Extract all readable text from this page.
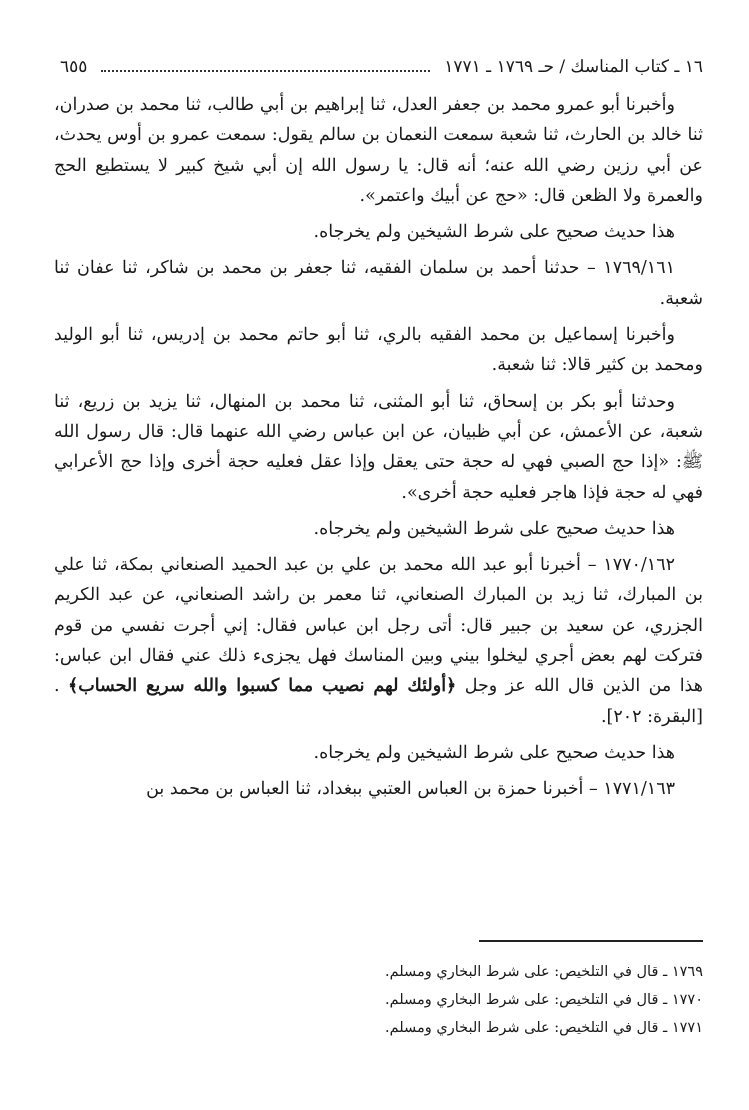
١٦ ـ كتاب المناسك / حـ ١٧٦٩ ـ ١٧٧١
٦٥٥

وأخبرنا أبو عمرو محمد بن جعفر العدل، ثنا إبراهيم بن أبي طالب، ثنا محمد بن صدران، ثنا خالد بن الحارث، ثنا شعبة سمعت النعمان بن سالم يقول: سمعت عمرو بن أوس يحدث، عن أبي رزين رضي الله عنه؛ أنه قال: يا رسول الله إن أبي شيخ كبير لا يستطيع الحج والعمرة ولا الظعن قال: «حج عن أبيك واعتمر».

هذا حديث صحيح على شرط الشيخين ولم يخرجاه.

١٧٦٩/١٦١ – حدثنا أحمد بن سلمان الفقيه، ثنا جعفر بن محمد بن شاكر، ثنا عفان ثنا شعبة.

وأخبرنا إسماعيل بن محمد الفقيه بالري، ثنا أبو حاتم محمد بن إدريس، ثنا أبو الوليد ومحمد بن كثير قالا: ثنا شعبة.

وحدثنا أبو بكر بن إسحاق، ثنا أبو المثنى، ثنا محمد بن المنهال، ثنا يزيد بن زريع، ثنا شعبة، عن الأعمش، عن أبي ظبيان، عن ابن عباس رضي الله عنهما قال: قال رسول الله ﷺ: «إذا حج الصبي فهي له حجة حتى يعقل وإذا عقل فعليه حجة أخرى وإذا حج الأعرابي فهي له حجة فإذا هاجر فعليه حجة أخرى».

هذا حديث صحيح على شرط الشيخين ولم يخرجاه.

١٧٧٠/١٦٢ – أخبرنا أبو عبد الله محمد بن علي بن عبد الحميد الصنعاني بمكة، ثنا علي بن المبارك، ثنا زيد بن المبارك الصنعاني، ثنا معمر بن راشد الصنعاني، عن عبد الكريم الجزري، عن سعيد بن جبير قال: أتى رجل ابن عباس فقال: إني أجرت نفسي من قوم فتركت لهم بعض أجري ليخلوا بيني وبين المناسك فهل يجزىء ذلك عني فقال ابن عباس: هذا من الذين قال الله عز وجل ﴿أولئك لهم نصيب مما كسبوا والله سريع الحساب﴾ .[البقرة: ٢٠٢].

هذا حديث صحيح على شرط الشيخين ولم يخرجاه.

١٧٧١/١٦٣ – أخبرنا حمزة بن العباس العتبي ببغداد، ثنا العباس بن محمد بن

١٧٦٩ ـ قال في التلخيص: على شرط البخاري ومسلم.
١٧٧٠ ـ قال في التلخيص: على شرط البخاري ومسلم.
١٧٧١ ـ قال في التلخيص: على شرط البخاري ومسلم.
